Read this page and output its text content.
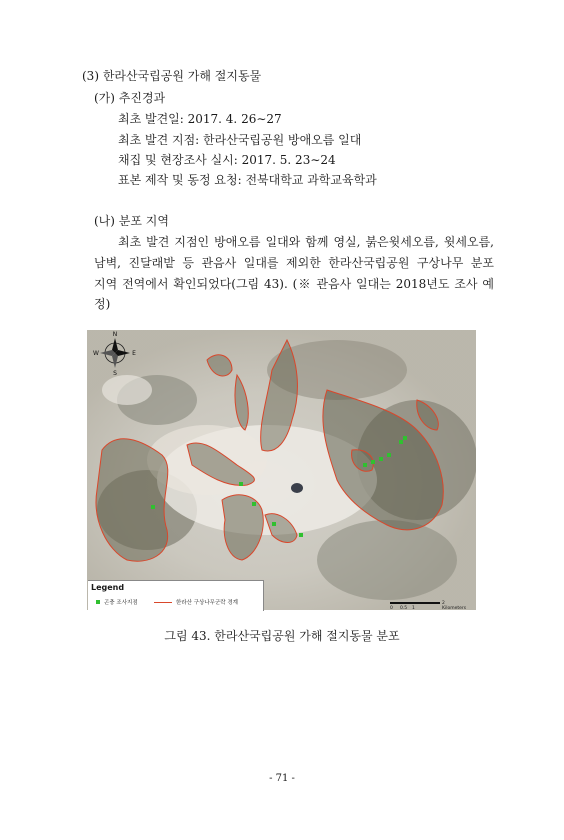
(3) 한라산국립공원 가해 절지동물
(가) 추진경과
최초 발견일: 2017. 4. 26∼27
최초 발견 지점: 한라산국립공원 방애오름 일대
채집 및 현장조사 실시: 2017. 5. 23∼24
표본 제작 및 동정 요청: 전북대학교 과학교육학과
(나) 분포 지역
최초 발견 지점인 방애오름 일대와 함께 영실, 붉은윗세오름, 윗세오름,
남벽, 진달래밭 등 관음사 일대를 제외한 한라산국립공원 구상나무 분포
지역 전역에서 확인되었다(그림 43). (※ 관음사 일대는 2018년도 조사 예
정)
N
S
E
W
Legend
곤충 조사지점	한라산 구상나무군락 경계
0 0.5 1
2 Kilometers
그림 43. 한라산국립공원 가해 절지동물 분포
- 71 -
